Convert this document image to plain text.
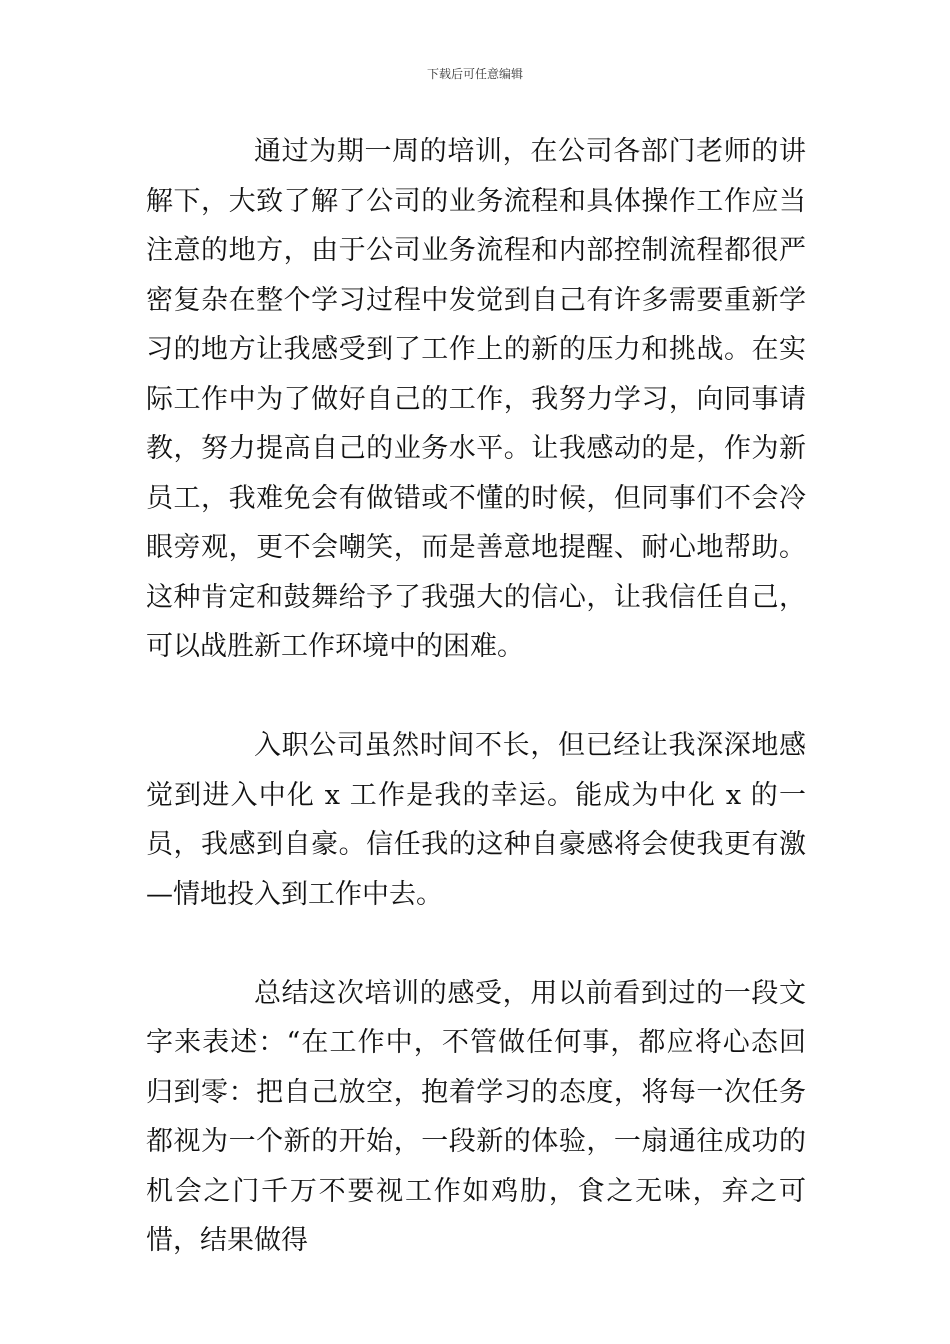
下载后可任意编辑

通过为期一周的培训，在公司各部门老师的讲解下，大致了解了公司的业务流程和具体操作工作应当注意的地方，由于公司业务流程和内部控制流程都很严密复杂在整个学习过程中发觉到自己有许多需要重新学习的地方让我感受到了工作上的新的压力和挑战。在实际工作中为了做好自己的工作，我努力学习，向同事请教，努力提高自己的业务水平。让我感动的是，作为新员工，我难免会有做错或不懂的时候，但同事们不会冷眼旁观，更不会嘲笑，而是善意地提醒、耐心地帮助。这种肯定和鼓舞给予了我强大的信心，让我信任自己，可以战胜新工作环境中的困难。

入职公司虽然时间不长，但已经让我深深地感觉到进入中化 x 工作是我的幸运。能成为中化 x 的一员，我感到自豪。信任我的这种自豪感将会使我更有激—情地投入到工作中去。

总结这次培训的感受，用以前看到过的一段文字来表述：“在工作中，不管做任何事，都应将心态回归到零：把自己放空，抱着学习的态度，将每一次任务都视为一个新的开始，一段新的体验，一扇通往成功的机会之门千万不要视工作如鸡肋，食之无味，弃之可惜，结果做得
